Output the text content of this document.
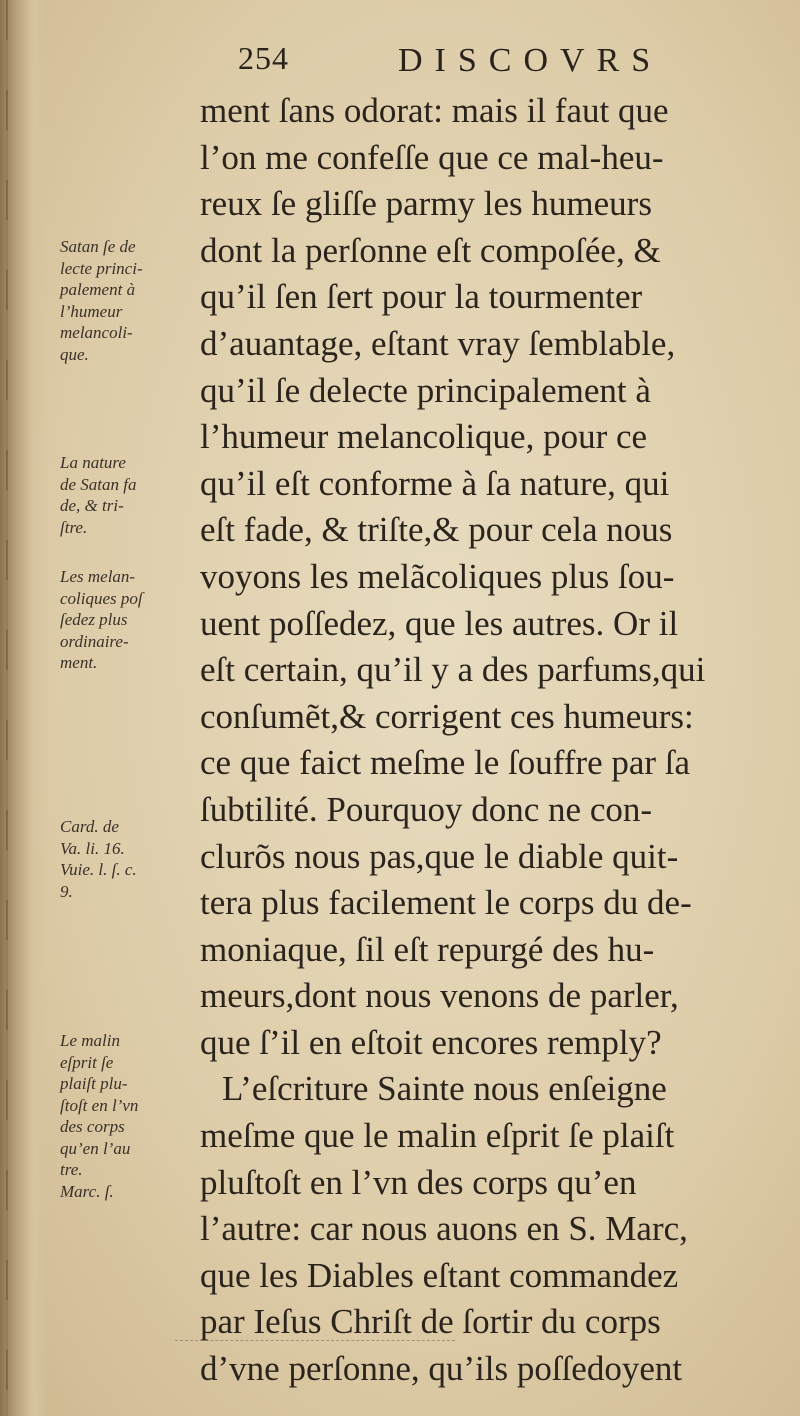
254	DISCOVRS
ment ſans odorat: mais il faut que
l’on me confeſſe que ce mal-heu-
reux ſe gliſſe parmy les humeurs
dont la perſonne eſt compoſée, &
qu’il ſen ſert pour la tourmenter
d’auantage, eſtant vray ſemblable,
qu’il ſe delecte principalement à
l’humeur melancolique, pour ce
qu’il eſt conforme à ſa nature, qui
eſt fade, & triſte,& pour cela nous
voyons les melãcoliques plus ſou-
uent poſſedez, que les autres. Or il
eſt certain, qu’il y a des parfums,qui
conſumẽt,& corrigent ces humeurs:
ce que faict meſme le ſouffre par ſa
ſubtilité. Pourquoy donc ne con-
clurõs nous pas,que le diable quit-
tera plus facilement le corps du de-
moniaque, ſil eſt repurgé des hu-
meurs,dont nous venons de parler,
que ſ’il en eſtoit encores remply?
L’eſcriture Sainte nous enſeigne
meſme que le malin eſprit ſe plaiſt
pluſtoſt en l’vn des corps qu’en
l’autre: car nous auons en S. Marc,
que les Diables eſtant commandez
par Ieſus Chriſt de ſortir du corps
d’vne perſonne, qu’ils poſſedoyent
Satan ſe de
lecte princi-
palement à
l’humeur
melancoli-
que.
La nature
de Satan fa
de, & tri-
ſtre.
Les melan-
coliques poſ
ſedez plus
ordinaire-
ment.
Card. de
Va. li. 16.
Vuie. l. ſ. c.
9.
Le malin
eſprit ſe
plaiſt plu-
ſtoſt en l’vn
des corps
qu’en l’au
tre.
Marc. ſ.
